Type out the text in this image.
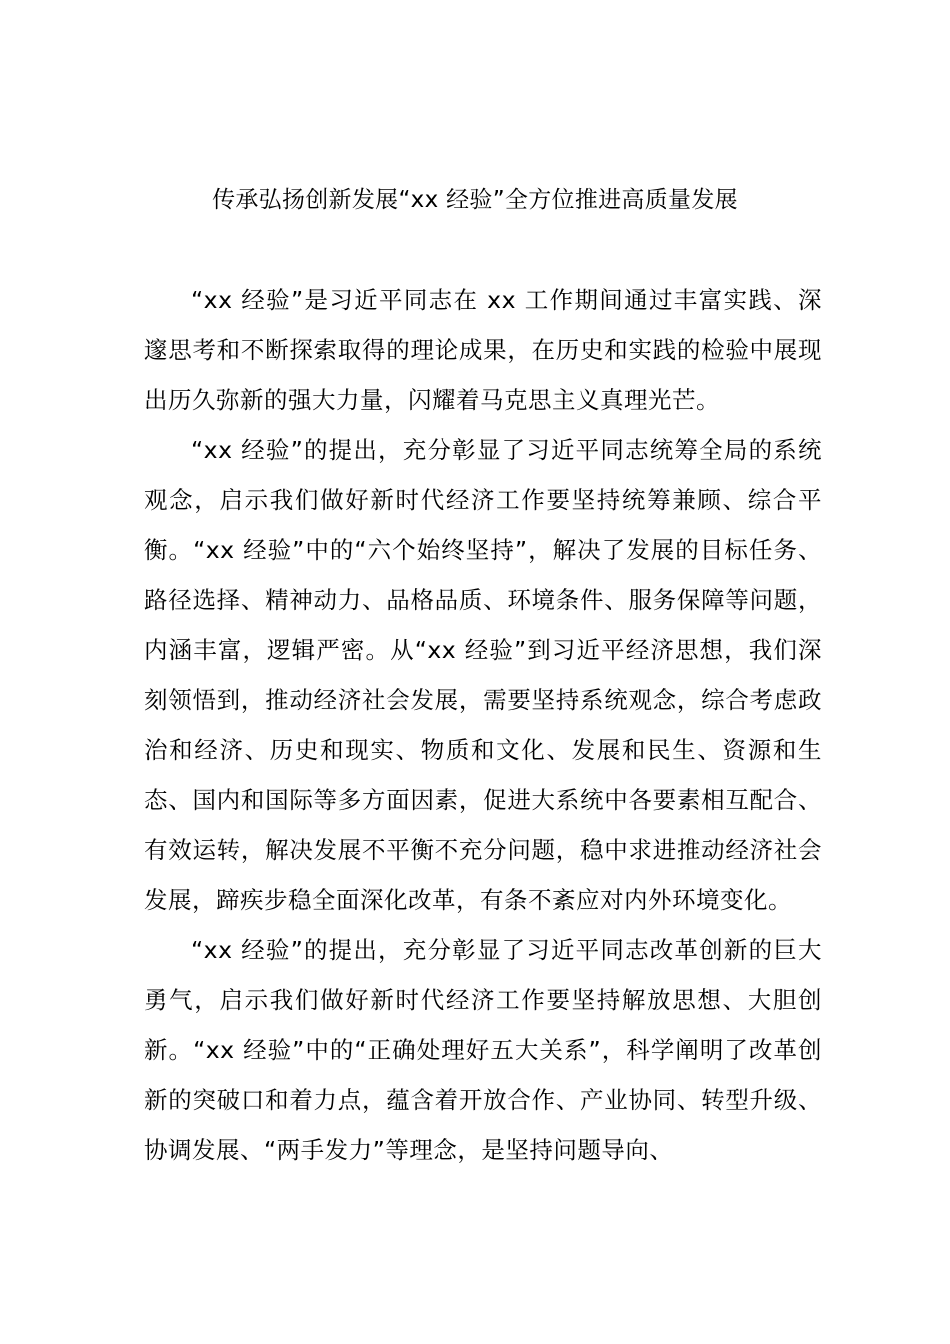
传承弘扬创新发展“xx 经验”全方位推进高质量发展

“xx 经验”是习近平同志在 xx 工作期间通过丰富实践、深邃思考和不断探索取得的理论成果，在历史和实践的检验中展现出历久弥新的强大力量，闪耀着马克思主义真理光芒。

“xx 经验”的提出，充分彰显了习近平同志统筹全局的系统观念，启示我们做好新时代经济工作要坚持统筹兼顾、综合平衡。“xx 经验”中的“六个始终坚持”，解决了发展的目标任务、路径选择、精神动力、品格品质、环境条件、服务保障等问题，内涵丰富，逻辑严密。从“xx 经验”到习近平经济思想，我们深刻领悟到，推动经济社会发展，需要坚持系统观念，综合考虑政治和经济、历史和现实、物质和文化、发展和民生、资源和生态、国内和国际等多方面因素，促进大系统中各要素相互配合、有效运转，解决发展不平衡不充分问题，稳中求进推动经济社会发展，蹄疾步稳全面深化改革，有条不紊应对内外环境变化。

“xx 经验”的提出，充分彰显了习近平同志改革创新的巨大勇气，启示我们做好新时代经济工作要坚持解放思想、大胆创新。“xx 经验”中的“正确处理好五大关系”，科学阐明了改革创新的突破口和着力点，蕴含着开放合作、产业协同、转型升级、协调发展、“两手发力”等理念，是坚持问题导向、
